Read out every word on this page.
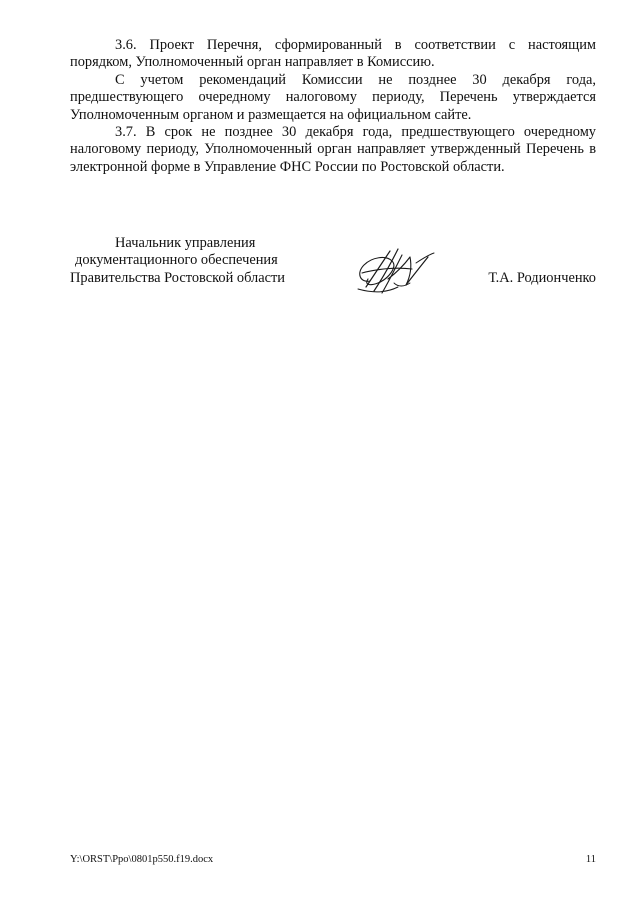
3.6. Проект Перечня, сформированный в соответствии с настоящим порядком, Уполномоченный орган направляет в Комиссию.

С учетом рекомендаций Комиссии не позднее 30 декабря года, предшествующего очередному налоговому периоду, Перечень утверждается Уполномоченным органом и размещается на официальном сайте.

3.7. В срок не позднее 30 декабря года, предшествующего очередному налоговому периоду, Уполномоченный орган направляет утвержденный Перечень в электронной форме в Управление ФНС России по Ростовской области.

Начальник управления
документационного обеспечения
Правительства Ростовской области	Т.А. Родионченко
Y:\ORST\Ppo\0801p550.f19.docx	11
